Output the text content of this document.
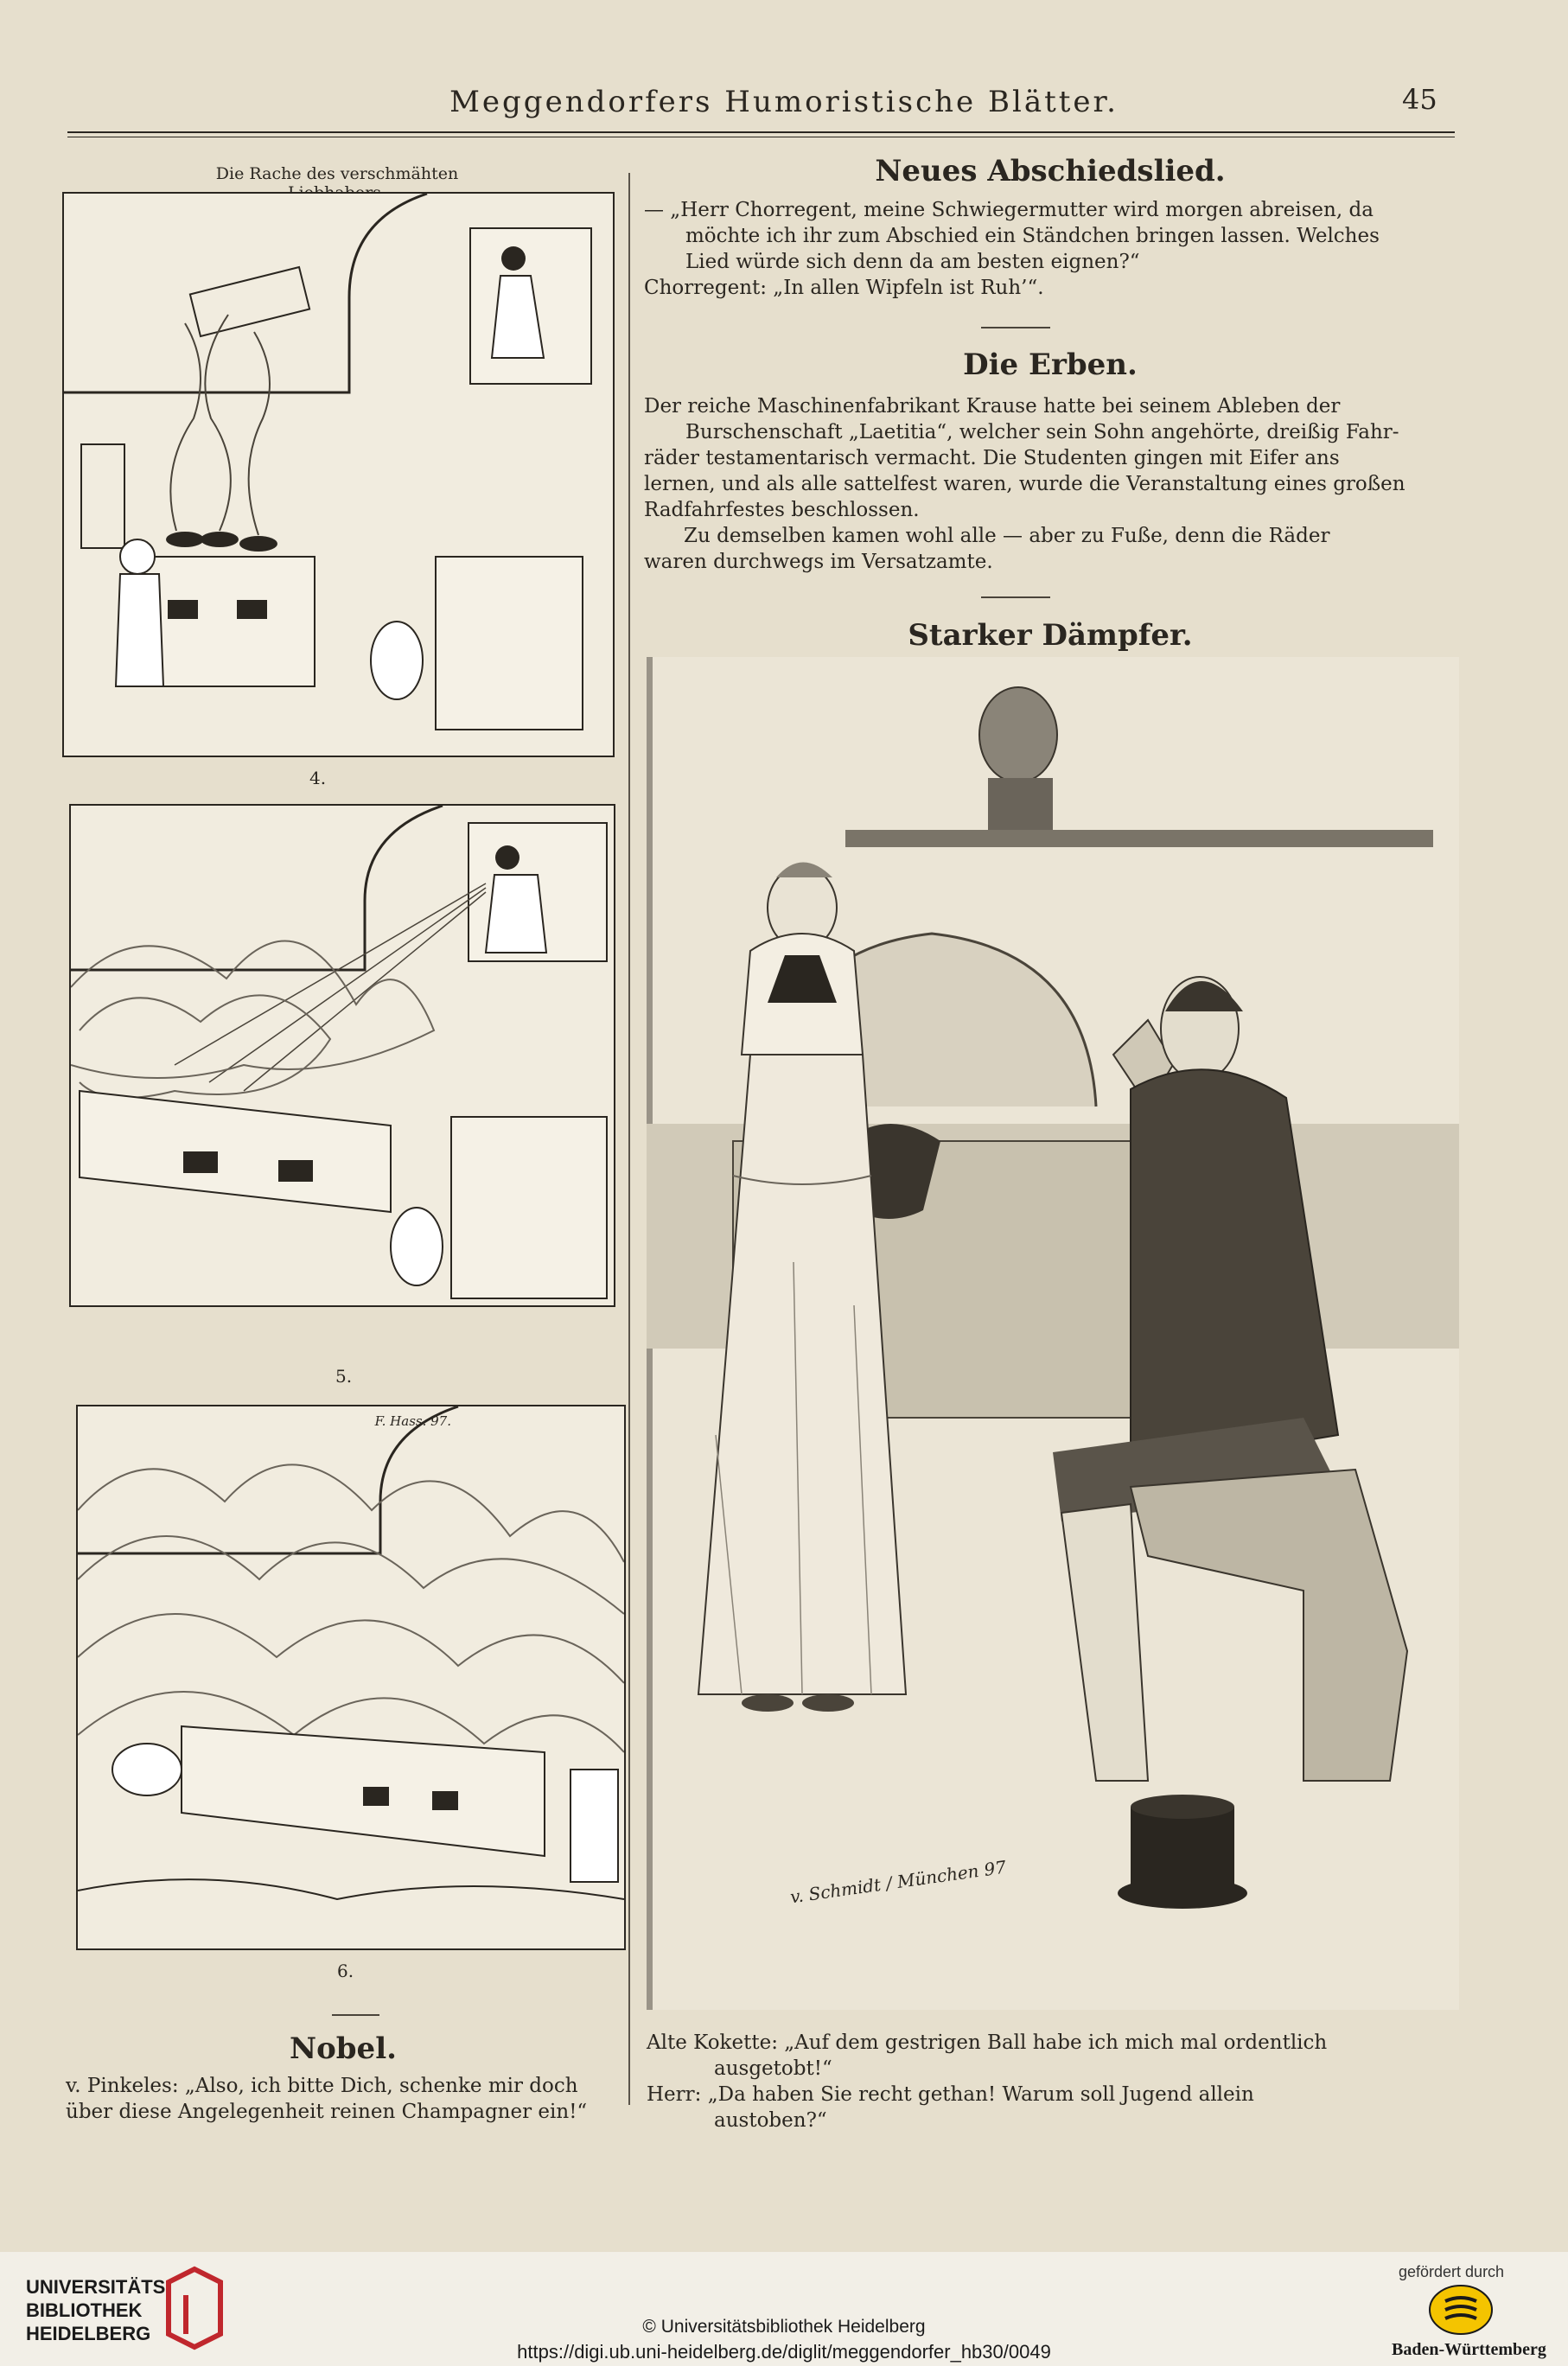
Meggendorfers Humoristische Blätter.	45
Die Rache des verschmähten
4.
5.
F. Hass. 97.
6.
Nobel.

v. Pinkeles: „Also, ich bitte Dich, schenke mir doch

über diese Angelegenheit reinen Champagner ein!“

Neues Abschiedslied.

— „Herr Chorregent, meine Schwiegermutter wird morgen abreisen, da

möchte ich ihr zum Abschied ein Ständchen bringen lassen. Welches

Lied würde sich denn da am besten eignen?“

Chorregent: „In allen Wipfeln ist Ruh’“.

Die Erben.

Der reiche Maschinenfabrikant Krause hatte bei seinem Ableben der

Burschenschaft „Laetitia“, welcher sein Sohn angehörte, dreißig Fahr-

räder testamentarisch vermacht. Die Studenten gingen mit Eifer ans

lernen, und als alle sattelfest waren, wurde die Veranstaltung eines großen

Radfahrfestes beschlossen.

Zu demselben kamen wohl alle — aber zu Fuße, denn die Räder

waren durchwegs im Versatzamte.

Starker Dämpfer.
v. Schmidt / München 97

Alte Kokette: „Auf dem gestrigen Ball habe ich mich mal ordentlich

ausgetobt!“

Herr: „Da haben Sie recht gethan! Warum soll Jugend allein

austoben?“

UNIVERSITÄTS-
BIBLIOTHEK
HEIDELBERG
gefördert durch
Baden-Württemberg
© Universitätsbibliothek Heidelberg
https://digi.ub.uni-heidelberg.de/diglit/meggendorfer_hb30/0049
